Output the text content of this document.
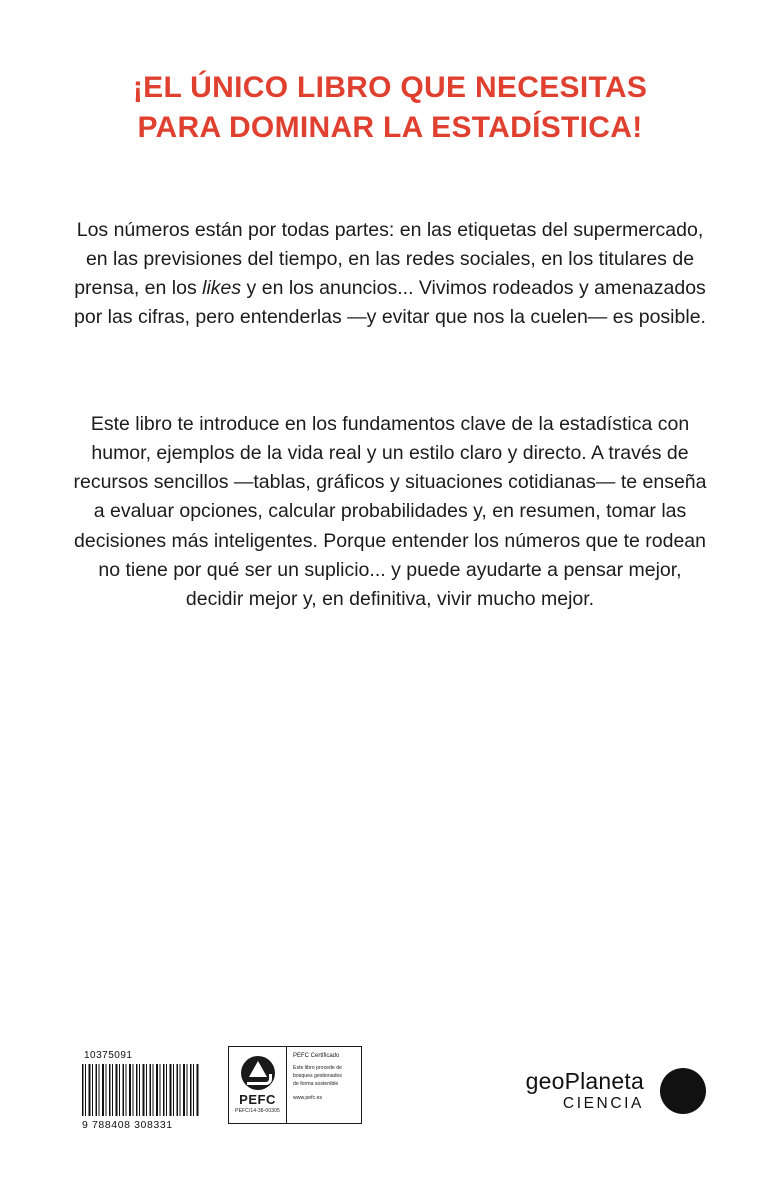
¡EL ÚNICO LIBRO QUE NECESITAS
PARA DOMINAR LA ESTADÍSTICA!

Los números están por todas partes: en las etiquetas del supermercado, en las previsiones del tiempo, en las redes sociales, en los titulares de prensa, en los likes y en los anuncios... Vivimos rodeados y amenazados por las cifras, pero entenderlas —y evitar que nos la cuelen— es posible.

Este libro te introduce en los fundamentos clave de la estadística con humor, ejemplos de la vida real y un estilo claro y directo. A través de recursos sencillos —tablas, gráficos y situaciones cotidianas— te enseña a evaluar opciones, calcular probabilidades y, en resumen, tomar las decisiones más inteligentes. Porque entender los números que te rodean no tiene por qué ser un suplicio... y puede ayudarte a pensar mejor, decidir mejor y, en definitiva, vivir mucho mejor.

10375091
9 788408 308331
PEFC
PEFC/14-38-00305
PEFC Certificado
Este libro procede de
bosques gestionados
de forma sostenible
www.pefc.es
geoPlaneta
CIENCIA
